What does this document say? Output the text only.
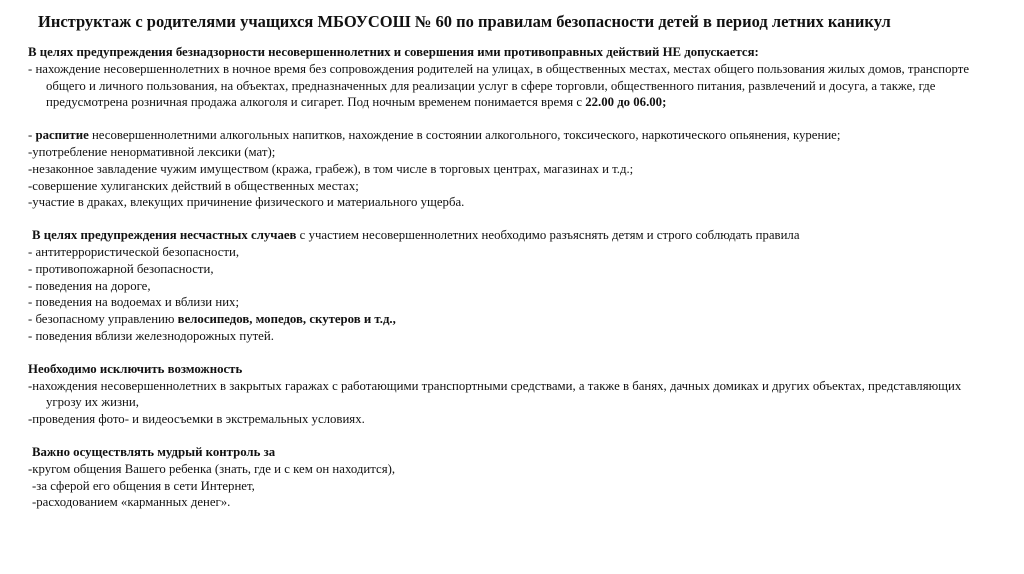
Инструктаж с родителями учащихся МБОУСОШ № 60 по правилам безопасности детей в период летних каникул

В целях предупреждения безнадзорности несовершеннолетних и совершения ими противоправных действий НЕ допускается:

- нахождение несовершеннолетних в ночное время без сопровождения родителей на улицах, в общественных местах, местах общего пользования жилых домов, транспорте общего и личного пользования, на объектах, предназначенных для реализации услуг в сфере торговли, общественного питания, развлечений и досуга, а также, где предусмотрена розничная продажа алкоголя и сигарет. Под ночным временем понимается время с 22.00 до 06.00;

- распитие несовершеннолетними алкогольных напитков, нахождение в состоянии алкогольного, токсического, наркотического опьянения, курение;

-употребление ненормативной лексики (мат);

-незаконное завладение чужим имуществом (кража, грабеж), в том числе в торговых центрах, магазинах и т.д.;

-совершение хулиганских действий в общественных местах;

-участие в драках, влекущих причинение физического и материального ущерба.

В целях предупреждения несчастных случаев с участием несовершеннолетних необходимо разъяснять детям и строго соблюдать правила

- антитеррористической безопасности,

- противопожарной безопасности,

- поведения на дороге,

- поведения на водоемах и вблизи них;

- безопасному управлению велосипедов, мопедов, скутеров и т.д.,

- поведения вблизи железнодорожных путей.

Необходимо исключить возможность

-нахождения несовершеннолетних в закрытых гаражах с работающими транспортными средствами, а также в банях, дачных домиках и других объектах, представляющих угрозу их жизни,

-проведения фото- и видеосъемки в экстремальных условиях.

Важно осуществлять мудрый контроль за

-кругом общения Вашего ребенка (знать, где и с кем он находится),

-за сферой его общения в сети Интернет,

-расходованием «карманных денег».
